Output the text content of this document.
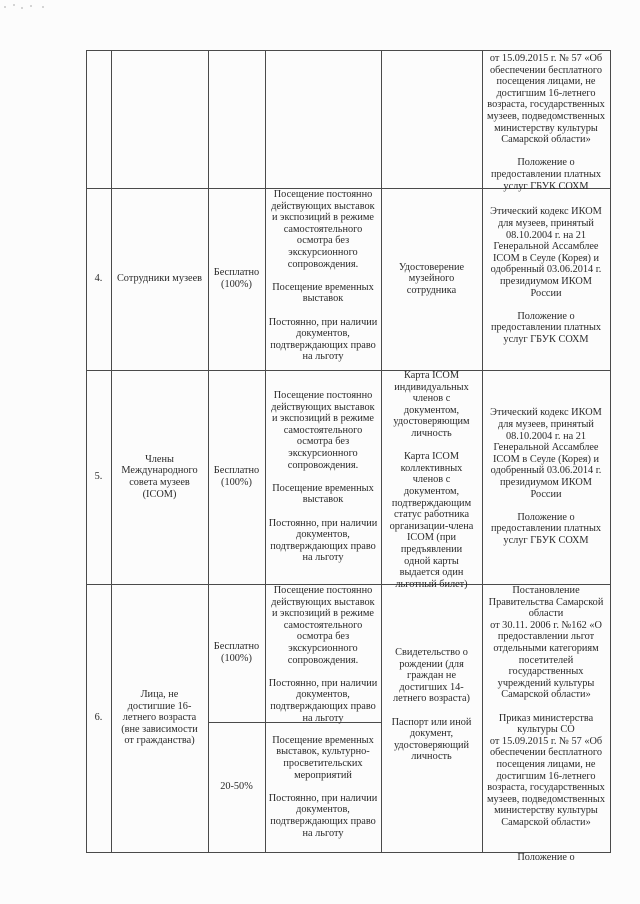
от 15.09.2015 г. № 57 «Об
обеспечении бесплатного
посещения лицами, не
достигшим 16-летнего
возраста, государственных
музеев, подведомственных
министерству культуры
Самарской области»
Положение о
предоставлении платных
услуг ГБУК СОХМ
4. Сотрудники музеев
Бесплатно
(100%)
Посещение постоянно
действующих выставок
и экспозиций в режиме
самостоятельного
осмотра без
экскурсионного
сопровождения.
Посещение временных
выставок
Постоянно, при наличии
документов,
подтверждающих право
на льготу
Удостоверение
музейного
сотрудника
Этический кодекс ИКОМ
для музеев, принятый
08.10.2004 г. на 21
Генеральной Ассамблее
ICOM в Сеуле (Корея) и
одобренный 03.06.2014 г.
президиумом ИКОМ
России
Положение о
предоставлении платных
услуг ГБУК СОХМ
5.
Члены
Международного
совета музеев
(ICOM)
Бесплатно
(100%)
Посещение постоянно
действующих выставок
и экспозиций в режиме
самостоятельного
осмотра без
экскурсионного
сопровождения.
Посещение временных
выставок
Постоянно, при наличии
документов,
подтверждающих право
на льготу
Карта ICOM
индивидуальных
членов с
документом,
удостоверяющим
личность
Карта ICOM
коллективных
членов с
документом,
подтверждающим
статус работника
организации-члена
ICOM (при
предъявлении
одной карты
выдается один
льготный билет)
Этический кодекс ИКОМ
для музеев, принятый
08.10.2004 г. на 21
Генеральной Ассамблее
ICOM в Сеуле (Корея) и
одобренный 03.06.2014 г.
президиумом ИКОМ
России
Положение о
предоставлении платных
услуг ГБУК СОХМ
6.
Лица, не
достигшие 16-
летнего возраста
(вне зависимости
от гражданства)
Бесплатно
(100%)
Посещение постоянно
действующих выставок
и экспозиций в режиме
самостоятельного
осмотра без
экскурсионного
сопровождения.
Постоянно, при наличии
документов,
подтверждающих право
на льготу
20-50%
Посещение временных
выставок, культурно-
просветительских
мероприятий
Постоянно, при наличии
документов,
подтверждающих право
на льготу
Свидетельство о
рождении (для
граждан не
достигших 14-
летнего возраста)
Паспорт или иной
документ,
удостоверяющий
личность
Постановление
Правительства Самарской
области
от 30.11. 2006 г. №162 «О
предоставлении льгот
отдельными категориям
посетителей
государственных
учреждений культуры
Самарской области»
Приказ министерства
культуры СО
от 15.09.2015 г. № 57 «Об
обеспечении бесплатного
посещения лицами, не
достигшим 16-летнего
возраста, государственных
музеев, подведомственных
министерству культуры
Самарской области»

Положение о
